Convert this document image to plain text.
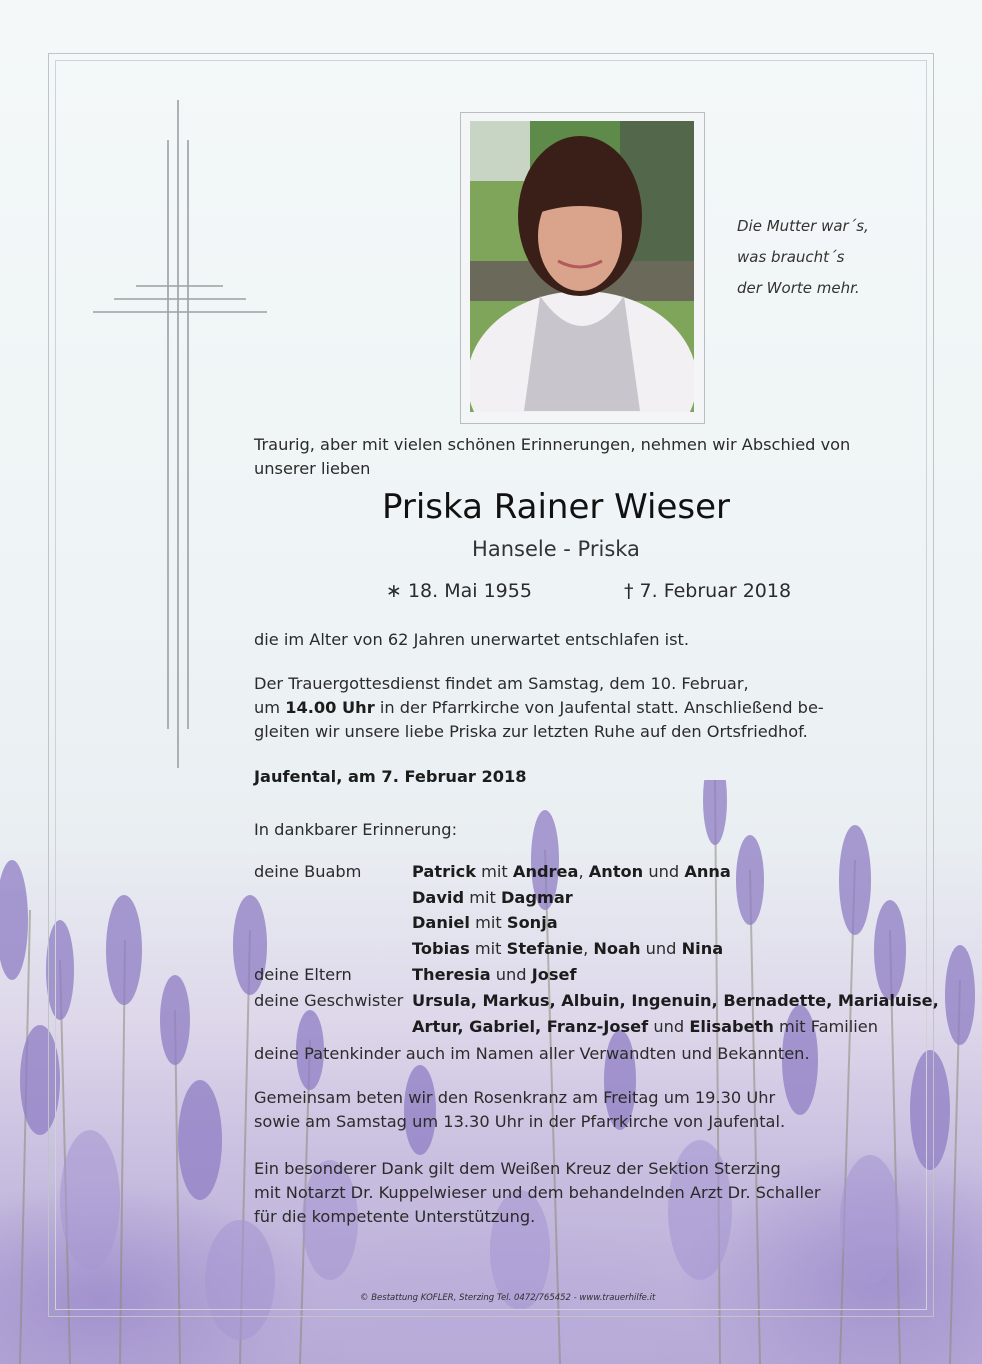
Die Mutter war´s,
was braucht´s
der Worte mehr.
Traurig, aber mit vielen schönen Erinnerungen, nehmen wir Abschied von
unserer lieben
Priska Rainer Wieser
Hansele - Priska
∗ 18. Mai 1955	† 7. Februar 2018
die im Alter von 62 Jahren unerwartet entschlafen ist.
Der Trauergottesdienst findet am Samstag, dem 10. Februar,
um 14.00 Uhr in der Pfarrkirche von Jaufental statt. Anschließend be-
gleiten wir unsere liebe Priska zur letzten Ruhe auf den Ortsfriedhof.
Jaufental, am 7. Februar 2018
In dankbarer Erinnerung:
deine Buabm	Patrick mit Andrea, Anton und Anna
David mit Dagmar
Daniel mit Sonja
Tobias mit Stefanie, Noah und Nina
deine Eltern	Theresia und Josef
deine Geschwister Ursula, Markus, Albuin, Ingenuin, Bernadette, Marialuise,
Artur, Gabriel, Franz-Josef und Elisabeth mit Familien
deine Patenkinder auch im Namen aller Verwandten und Bekannten.
Gemeinsam beten wir den Rosenkranz am Freitag um 19.30 Uhr
sowie am Samstag um 13.30 Uhr in der Pfarrkirche von Jaufental.
Ein besonderer Dank gilt dem Weißen Kreuz der Sektion Sterzing
mit Notarzt Dr. Kuppelwieser und dem behandelnden Arzt Dr. Schaller
für die kompetente Unterstützung.
© Bestattung KOFLER, Sterzing Tel. 0472/765452 - www.trauerhilfe.it
